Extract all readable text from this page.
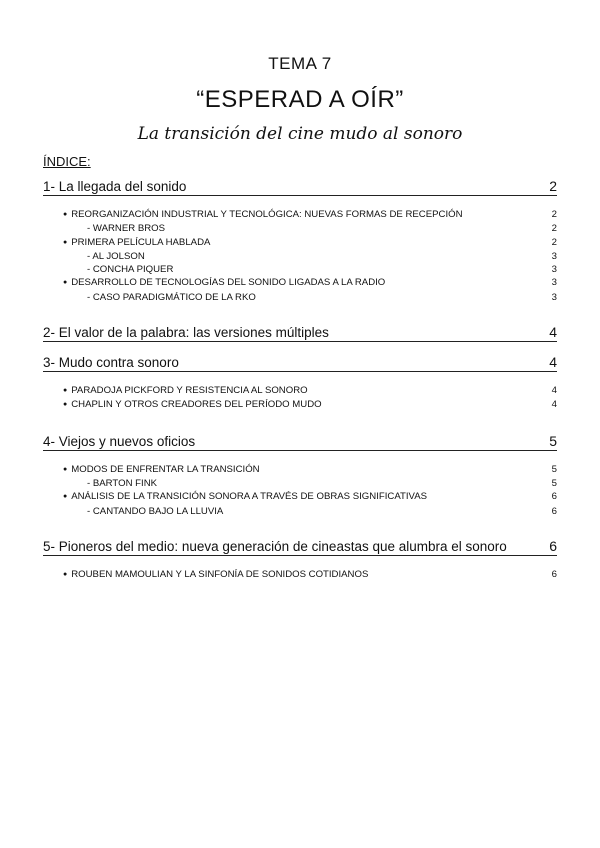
TEMA 7
“ESPERAD A OÍR”
La transición del cine mudo al sonoro
ÍNDICE:
1- La llegada del sonido	2
● REORGANIZACIÓN INDUSTRIAL Y TECNOLÓGICA: NUEVAS FORMAS DE RECEPCIÓN	2
- WARNER BROS	2
● PRIMERA PELÍCULA HABLADA	2
- AL JOLSON	3
- CONCHA PIQUER	3
● DESARROLLO DE TECNOLOGÍAS DEL SONIDO LIGADAS A LA RADIO	3
- CASO PARADIGMÁTICO DE LA RKO	3
2- El valor de la palabra: las versiones múltiples	4
3- Mudo contra sonoro	4
● PARADOJA PICKFORD Y RESISTENCIA AL SONORO	4
● CHAPLIN Y OTROS CREADORES DEL PERÍODO MUDO	4
4- Viejos y nuevos oficios	5
● MODOS DE ENFRENTAR LA TRANSICIÓN	5
- BARTON FINK	5
● ANÁLISIS DE LA TRANSICIÓN SONORA A TRAVÉS DE OBRAS SIGNIFICATIVAS	6
- CANTANDO BAJO LA LLUVIA	6
5- Pioneros del medio: nueva generación de cineastas que alumbra el sonoro	6
● ROUBEN MAMOULIAN Y LA SINFONÍA DE SONIDOS COTIDIANOS	6
